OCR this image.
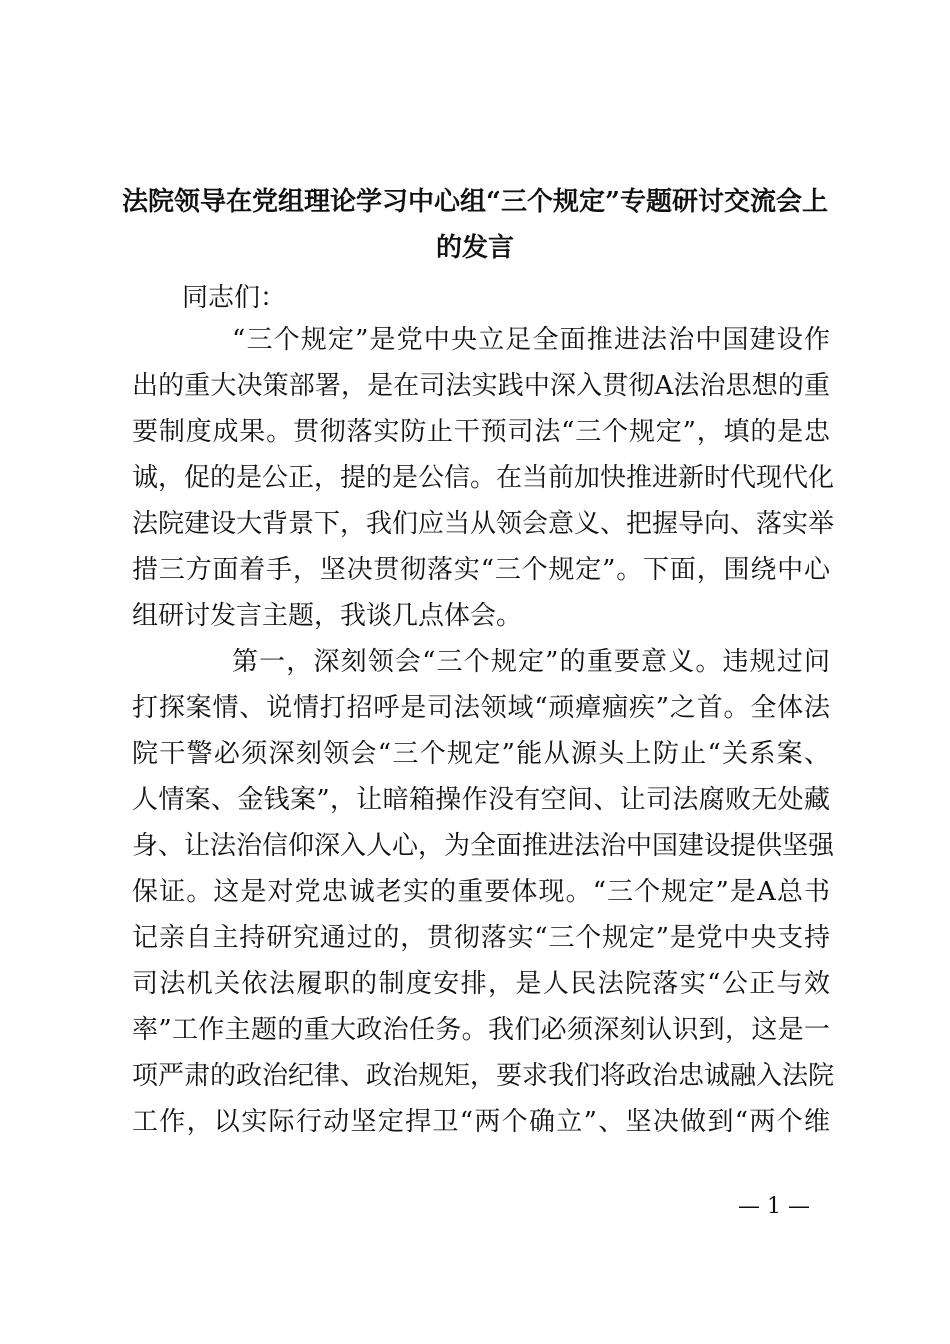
法院领导在党组理论学习中心组“三个规定”专题研讨交流会上
的发言
同志们：
“三个规定”是党中央立足全面推进法治中国建设作
出的重大决策部署，是在司法实践中深入贯彻A法治思想的重
要制度成果。贯彻落实防止干预司法“三个规定”，填的是忠
诚，促的是公正，提的是公信。在当前加快推进新时代现代化
法院建设大背景下，我们应当从领会意义、把握导向、落实举
措三方面着手，坚决贯彻落实“三个规定”。下面，围绕中心
组研讨发言主题，我谈几点体会。
第一，深刻领会“三个规定”的重要意义。违规过问
打探案情、说情打招呼是司法领域“顽瘴痼疾”之首。全体法
院干警必须深刻领会“三个规定”能从源头上防止“关系案、
人情案、金钱案”，让暗箱操作没有空间、让司法腐败无处藏
身、让法治信仰深入人心，为全面推进法治中国建设提供坚强
保证。这是对党忠诚老实的重要体现。“三个规定”是A总书
记亲自主持研究通过的，贯彻落实“三个规定”是党中央支持
司法机关依法履职的制度安排，是人民法院落实“公正与效
率”工作主题的重大政治任务。我们必须深刻认识到，这是一
项严肃的政治纪律、政治规矩，要求我们将政治忠诚融入法院
工作，以实际行动坚定捍卫“两个确立”、坚决做到“两个维
— 1 —
